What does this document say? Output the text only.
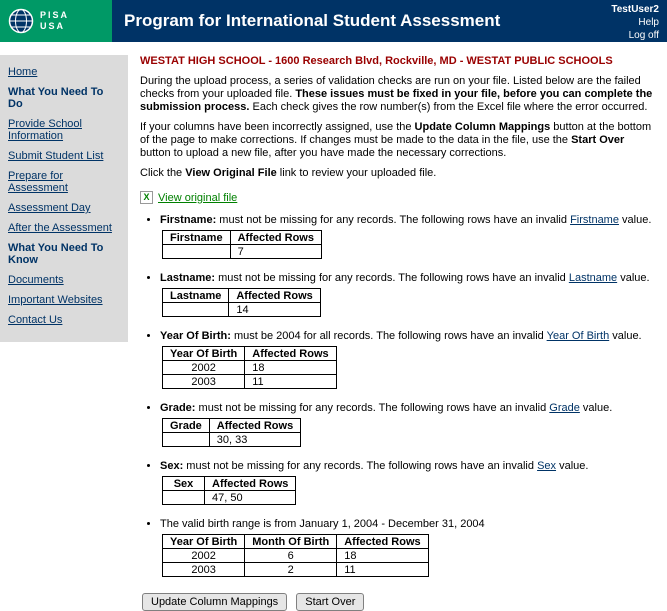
PISA
USA	Program for International Student Assessment
TestUser2
Help
Log off
Home
What You Need To Do
Provide School Information
Submit Student List
Prepare for Assessment
Assessment Day
After the Assessment
What You Need To Know
Documents
Important Websites
Contact Us
WESTAT HIGH SCHOOL - 1600 Research Blvd, Rockville, MD - WESTAT PUBLIC SCHOOLS
During the upload process, a series of validation checks are run on your file. Listed below are the failed checks from your uploaded file. These issues must be fixed in your file, before you can complete the submission process. Each check gives the row number(s) from the Excel file where the error occurred.
If your columns have been incorrectly assigned, use the Update Column Mappings button at the bottom of the page to make corrections. If changes must be made to the data in the file, use the Start Over button to upload a new file, after you have made the necessary corrections.
Click the View Original File link to review your uploaded file.
X View original file
• Firstname: must not be missing for any records. The following rows have an invalid Firstname value.
Firstname	Affected Rows
	7
• Lastname: must not be missing for any records. The following rows have an invalid Lastname value.
Lastname	Affected Rows
	14
• Year Of Birth: must be 2004 for all records. The following rows have an invalid Year Of Birth value.
Year Of Birth	Affected Rows
2002	18
2003	11
• Grade: must not be missing for any records. The following rows have an invalid Grade value.
Grade	Affected Rows
	30, 33
• Sex: must not be missing for any records. The following rows have an invalid Sex value.
Sex	Affected Rows
	47, 50
• The valid birth range is from January 1, 2004 - December 31, 2004
Year Of Birth	Month Of Birth	Affected Rows
2002	6	18
2003	2	11
Update Column Mappings Start Over
